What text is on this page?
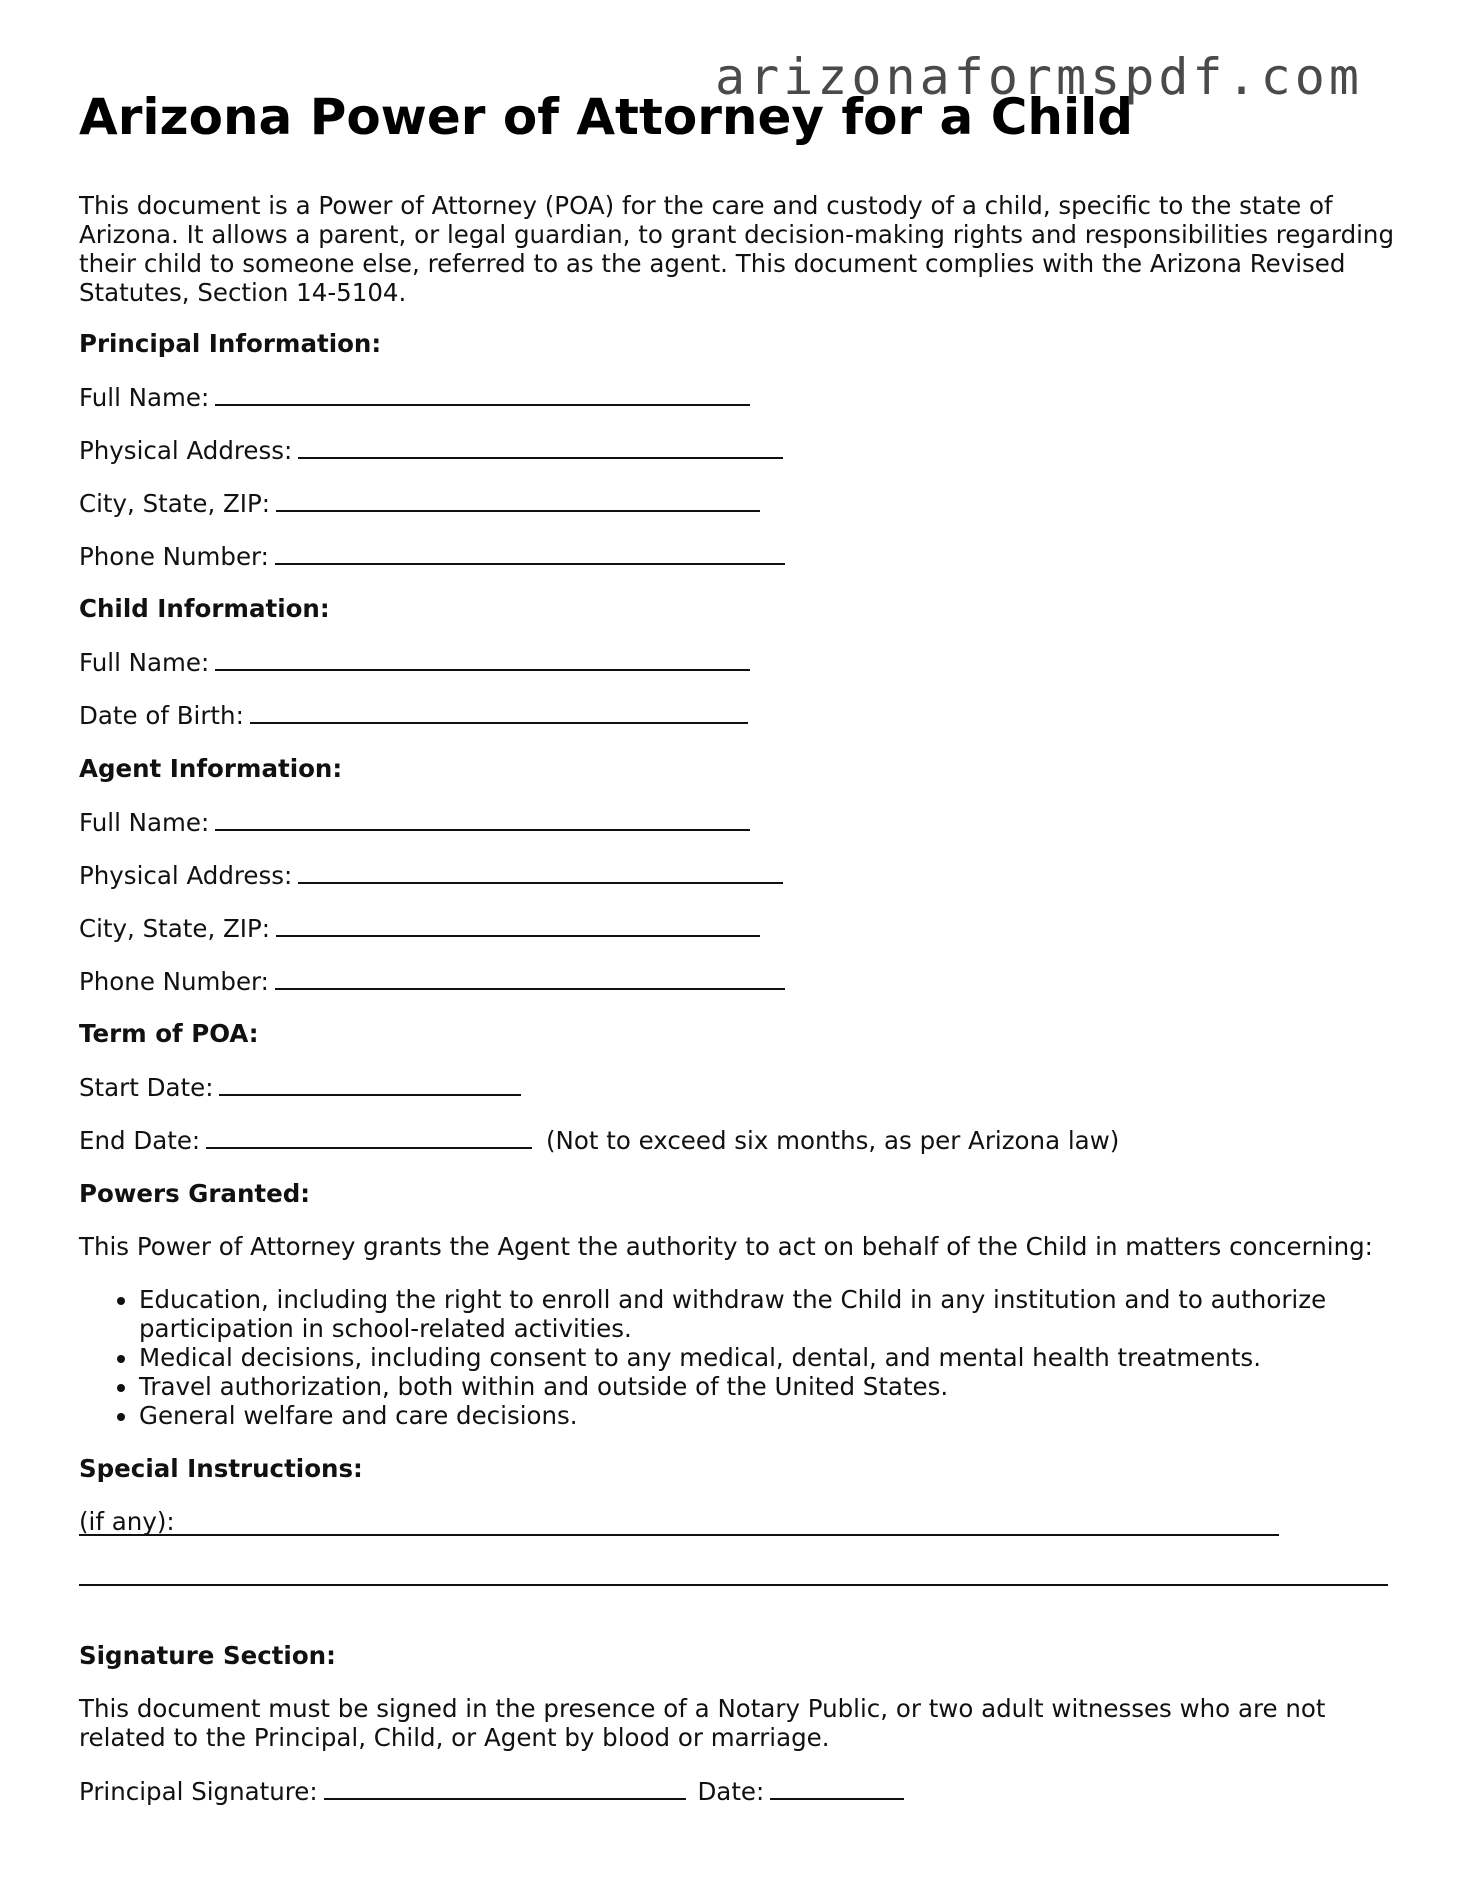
arizonaformspdf.com
Arizona Power of Attorney for a Child
This document is a Power of Attorney (POA) for the care and custody of a child, specific to the state of Arizona. It allows a parent, or legal guardian, to grant decision-making rights and responsibilities regarding their child to someone else, referred to as the agent. This document complies with the Arizona Revised Statutes, Section 14-5104.
Principal Information:
Full Name:
Physical Address:
City, State, ZIP:
Phone Number:
Child Information:
Full Name:
Date of Birth:
Agent Information:
Full Name:
Physical Address:
City, State, ZIP:
Phone Number:
Term of POA:
Start Date:
End Date:	(Not to exceed six months, as per Arizona law)
Powers Granted:
This Power of Attorney grants the Agent the authority to act on behalf of the Child in matters concerning:
• Education, including the right to enroll and withdraw the Child in any institution and to authorize participation in school-related activities.
• Medical decisions, including consent to any medical, dental, and mental health treatments.
• Travel authorization, both within and outside of the United States.
• General welfare and care decisions.
Special Instructions:
(if any):
Signature Section:
This document must be signed in the presence of a Notary Public, or two adult witnesses who are not related to the Principal, Child, or Agent by blood or marriage.
Principal Signature:	Date:
